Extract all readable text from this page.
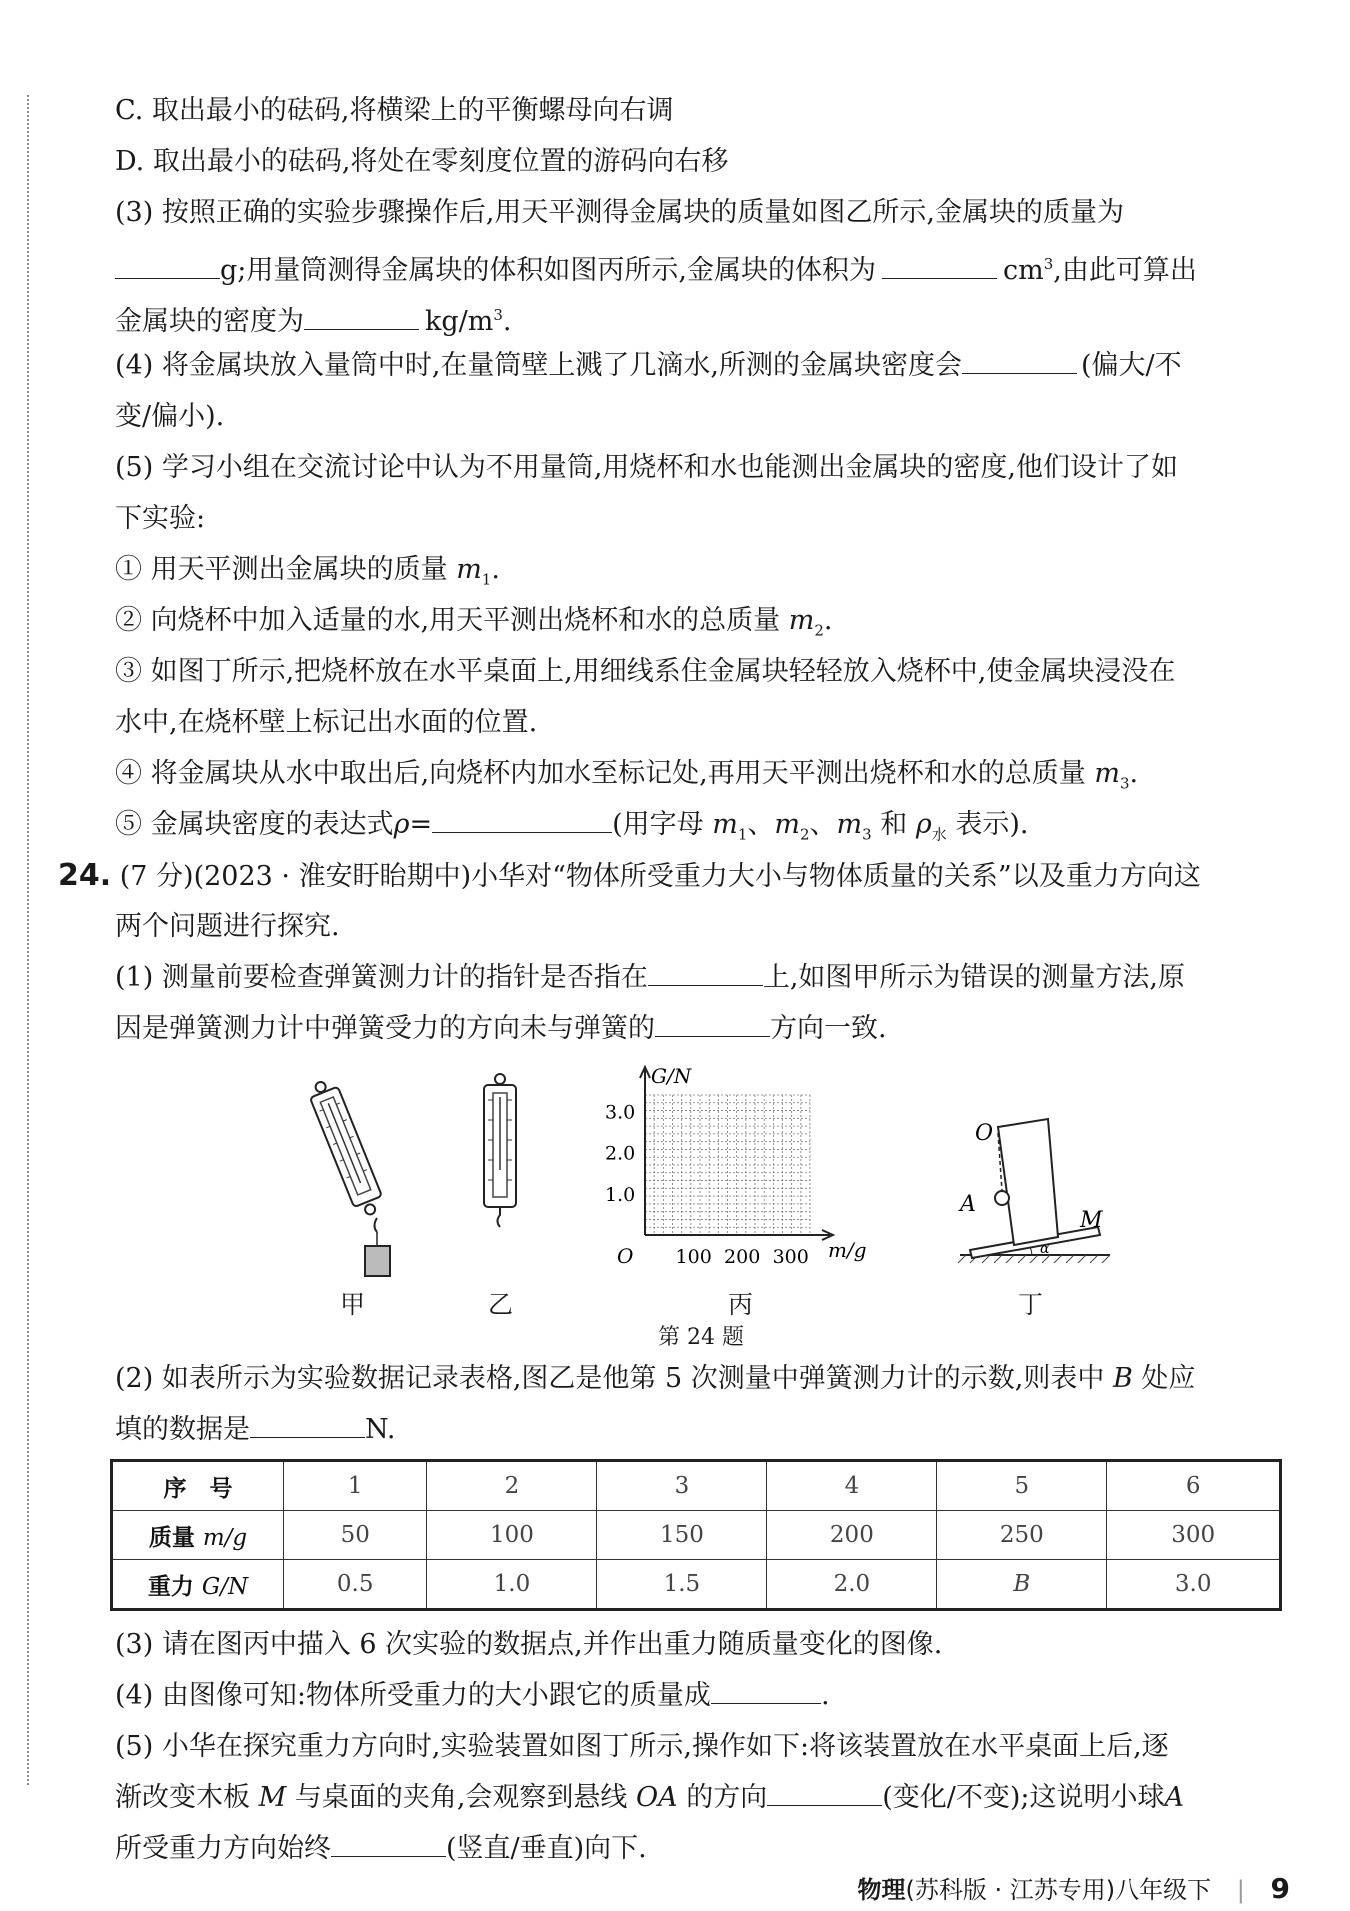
C. 取出最小的砝码,将横梁上的平衡螺母向右调
D. 取出最小的砝码,将处在零刻度位置的游码向右移
(3) 按照正确的实验步骤操作后,用天平测得金属块的质量如图乙所示,金属块的质量为
g;用量筒测得金属块的体积如图丙所示,金属块的体积为	$cm^3$,由此可算出
金属块的密度为	$kg/m^3$.
(4) 将金属块放入量筒中时,在量筒壁上溅了几滴水,所测的金属块密度会	(偏大/不
变/偏小).
(5) 学习小组在交流讨论中认为不用量筒,用烧杯和水也能测出金属块的密度,他们设计了如
下实验:
① 用天平测出金属块的质量 $m_1$.
② 向烧杯中加入适量的水,用天平测出烧杯和水的总质量 $m_2$.
③ 如图丁所示,把烧杯放在水平桌面上,用细线系住金属块轻轻放入烧杯中,使金属块浸没在
水中,在烧杯壁上标记出水面的位置.
④ 将金属块从水中取出后,向烧杯内加水至标记处,再用天平测出烧杯和水的总质量 $m_3$.
⑤ 金属块密度的表达式ρ=	(用字母 $m_1$、$m_2$、$m_3$ 和 $\rho_水$ 表示).
24. (7 分)(2023 · 淮安盱眙期中)小华对“物体所受重力大小与物体质量的关系”以及重力方向这
两个问题进行探究.
(1) 测量前要检查弹簧测力计的指针是否指在	上,如图甲所示为错误的测量方法,原
因是弹簧测力计中弹簧受力的方向未与弹簧的	方向一致.
甲	乙
G/N
m/g
O
3.0
2.0
1.0
100 200 300
丙
O
A
M
α
丁
第 24 题
(2) 如表所示为实验数据记录表格,图乙是他第 5 次测量中弹簧测力计的示数,则表中 B 处应
填的数据是	N.
序　号	1	2	3	4	5	6
质量 m/g	50	100	150	200	250	300
重力 G/N	0.5	1.0	1.5	2.0	B	3.0
(3) 请在图丙中描入 6 次实验的数据点,并作出重力随质量变化的图像.
(4) 由图像可知:物体所受重力的大小跟它的质量成	.
(5) 小华在探究重力方向时,实验装置如图丁所示,操作如下:将该装置放在水平桌面上后,逐
渐改变木板 M 与桌面的夹角,会观察到悬线 OA 的方向	(变化/不变);这说明小球A
所受重力方向始终	(竖直/垂直)向下.
物理(苏科版 · 江苏专用)八年级下 | 9
